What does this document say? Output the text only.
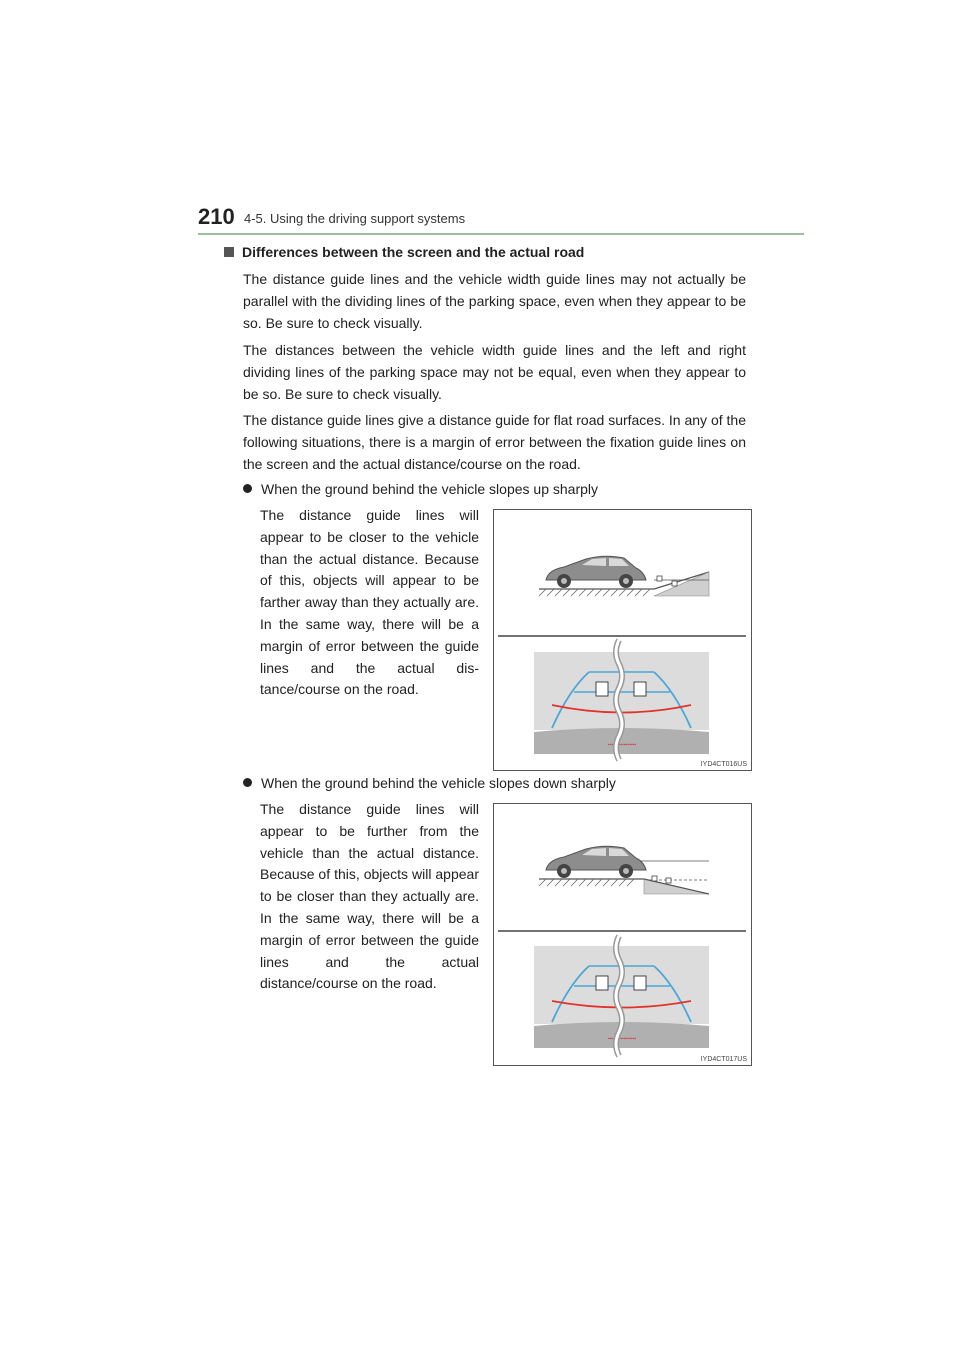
210 4-5. Using the driving support systems
Differences between the screen and the actual road

The distance guide lines and the vehicle width guide lines may not actually be parallel with the dividing lines of the parking space, even when they appear to be so. Be sure to check visually.

The distances between the vehicle width guide lines and the left and right dividing lines of the parking space may not be equal, even when they appear to be so. Be sure to check visually.

The distance guide lines give a distance guide for flat road surfaces. In any of the following situations, there is a margin of error between the fixation guide lines on the screen and the actual distance/course on the road.

When the ground behind the vehicle slopes up sharply

The distance guide lines will appear to be closer to the vehicle than the actual distance. Because of this, objects will appear to be farther away than they actually are. In the same way, there will be a margin of error between the guide lines and the actual dis-tance/course on the road.

▪▪▪▪▪▪▪▪▪▪▪▪▪▪▪▪
IYD4CT016US
When the ground behind the vehicle slopes down sharply

The distance guide lines will appear to be further from the vehicle than the actual distance. Because of this, objects will appear to be closer than they actually are. In the same way, there will be a margin of error between the guide lines and the actual distance/course on the road.

▪▪▪▪▪▪▪▪▪▪▪▪▪▪▪▪
IYD4CT017US
